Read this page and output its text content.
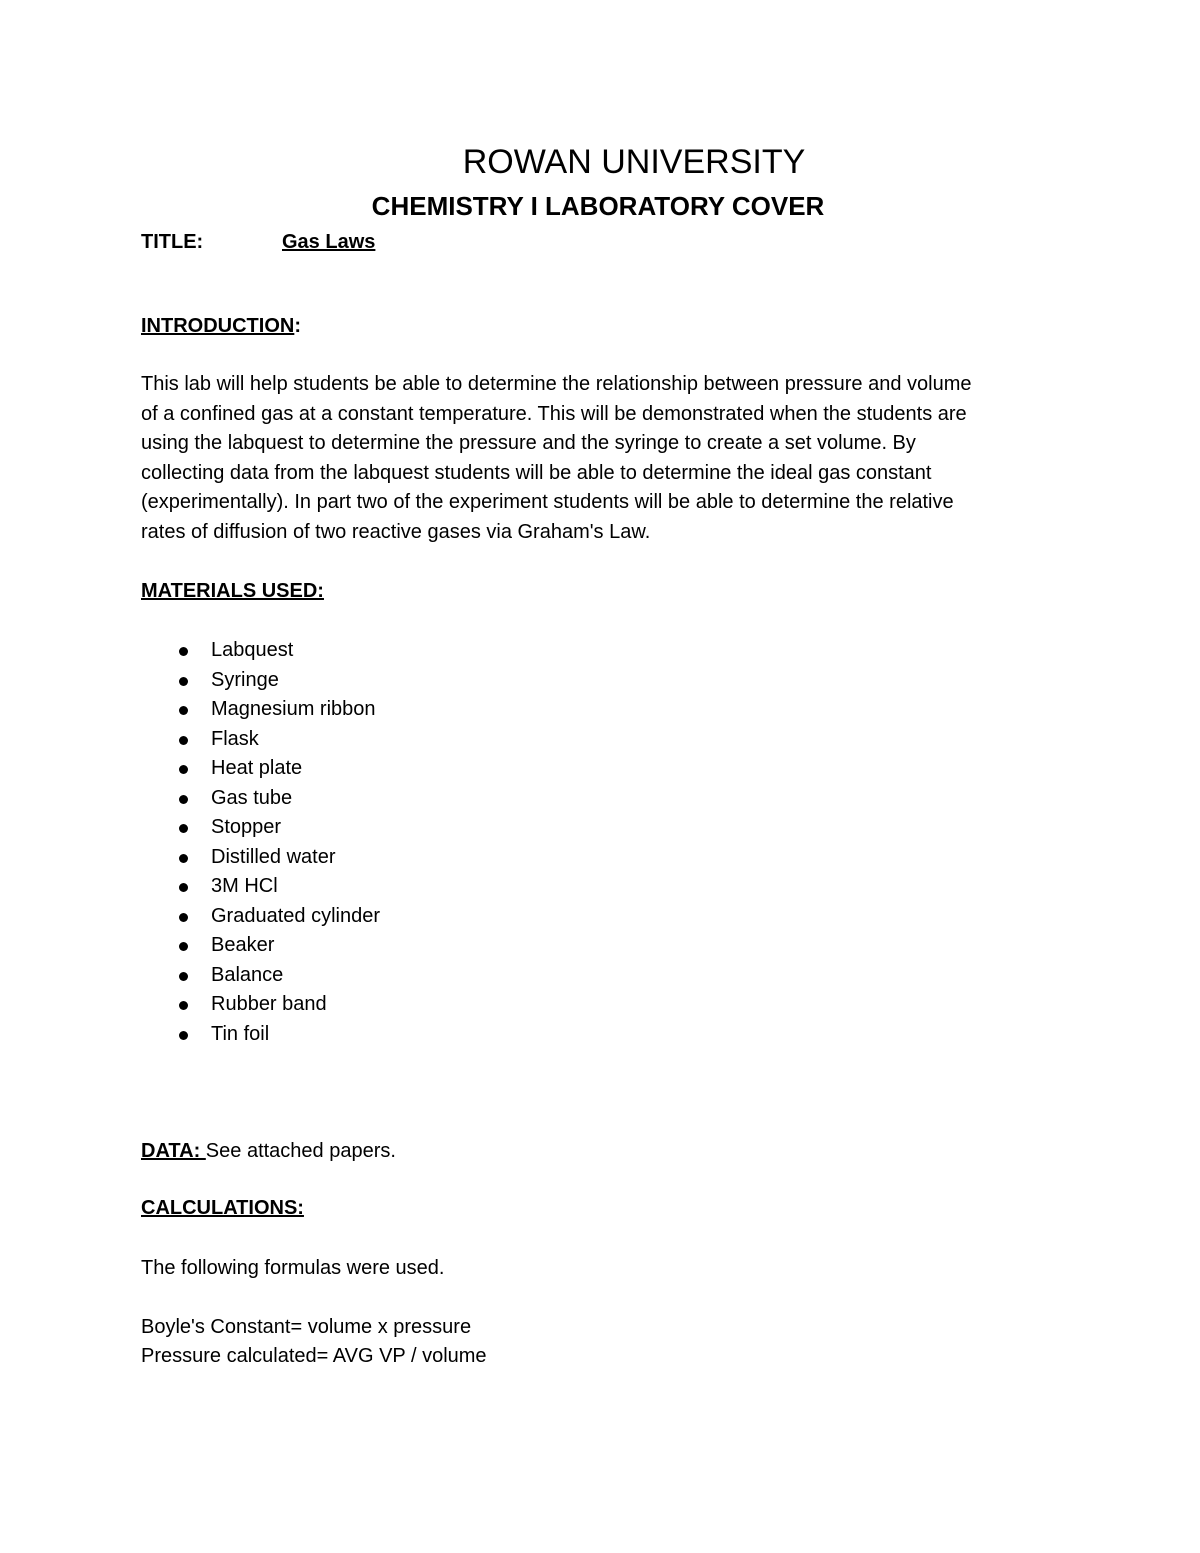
ROWAN UNIVERSITY
CHEMISTRY I LABORATORY COVER
TITLE:	Gas Laws
INTRODUCTION:

This lab will help students be able to determine the relationship between pressure and volume

of a confined gas at a constant temperature. This will be demonstrated when the students are

using the labquest to determine the pressure and the syringe to create a set volume. By

collecting data from the labquest students will be able to determine the ideal gas constant

(experimentally). In part two of the experiment students will be able to determine the relative

rates of diffusion of two reactive gases via Graham's Law.

MATERIALS USED:
Labquest
Syringe
Magnesium ribbon
Flask
Heat plate
Gas tube
Stopper
Distilled water
3M HCl
Graduated cylinder
Beaker
Balance
Rubber band
Tin foil
DATA: See attached papers.
CALCULATIONS:
The following formulas were used.
Boyle's Constant= volume x pressure
Pressure calculated= AVG VP / volume
